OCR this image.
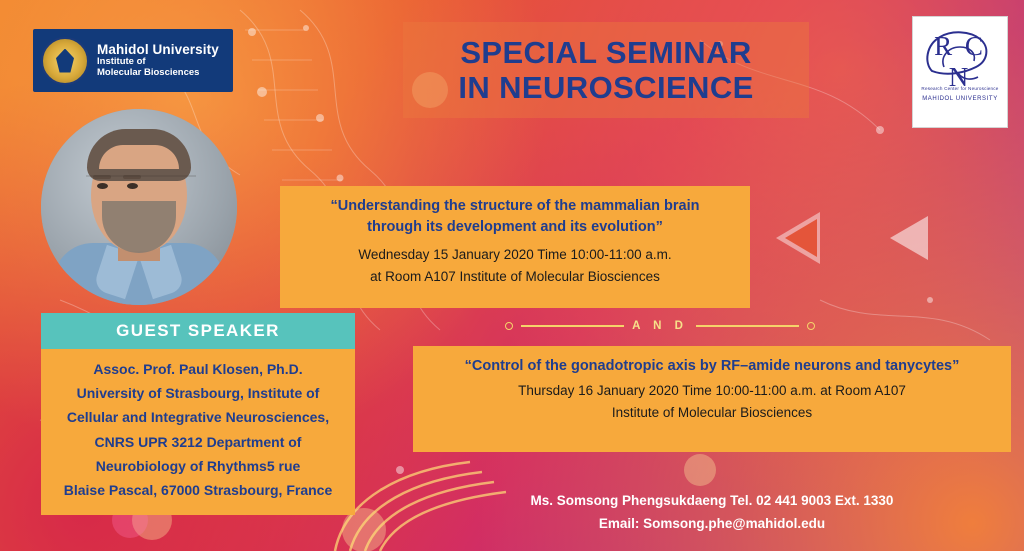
Mahidol University
Institute of
Molecular Biosciences
R C N
Research Center for Neuroscience
MAHIDOL UNIVERSITY
SPECIAL SEMINAR
IN NEUROSCIENCE
“Understanding the structure of the mammalian brain
through its development and its evolution”
Wednesday 15 January 2020 Time 10:00-11:00 a.m.
at Room A107 Institute of Molecular Biosciences
A N D
“Control of the gonadotropic axis by RF–amide neurons and tanycytes”
Thursday 16 January 2020 Time 10:00-11:00 a.m. at Room A107
Institute of Molecular Biosciences
GUEST SPEAKER

Assoc. Prof. Paul Klosen, Ph.D.

University of Strasbourg, Institute of

Cellular and Integrative Neurosciences,

CNRS UPR 3212 Department of

Neurobiology of Rhythms5 rue

Blaise Pascal, 67000 Strasbourg, France

Ms. Somsong Phengsukdaeng Tel. 02 441 9003 Ext. 1330
Email: Somsong.phe@mahidol.edu
